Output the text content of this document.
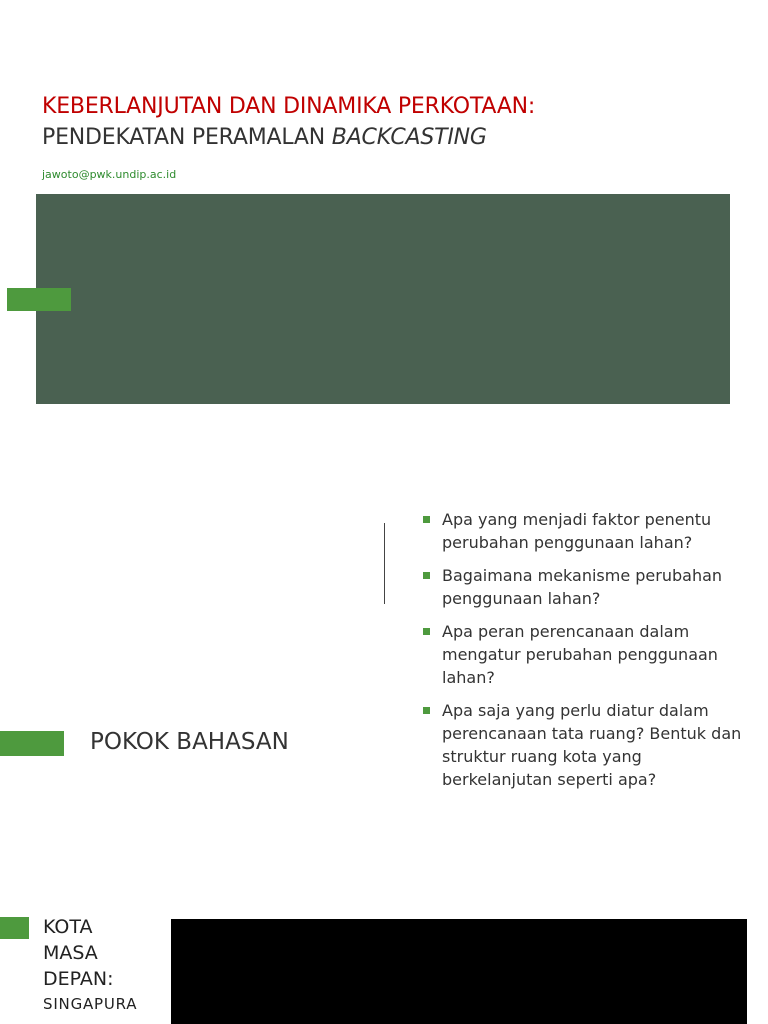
KEBERLANJUTAN DAN DINAMIKA PERKOTAAN:
PENDEKATAN PERAMALAN BACKCASTING
jawoto@pwk.undip.ac.id
Apa yang menjadi faktor penentu perubahan penggunaan lahan?
Bagaimana mekanisme perubahan penggunaan lahan?
Apa peran perencanaan dalam mengatur perubahan penggunaan lahan?
Apa saja yang perlu diatur dalam perencanaan tata ruang? Bentuk dan struktur ruang kota yang berkelanjutan seperti apa?
POKOK BAHASAN
KOTA
MASA
DEPAN:
SINGAPURA
